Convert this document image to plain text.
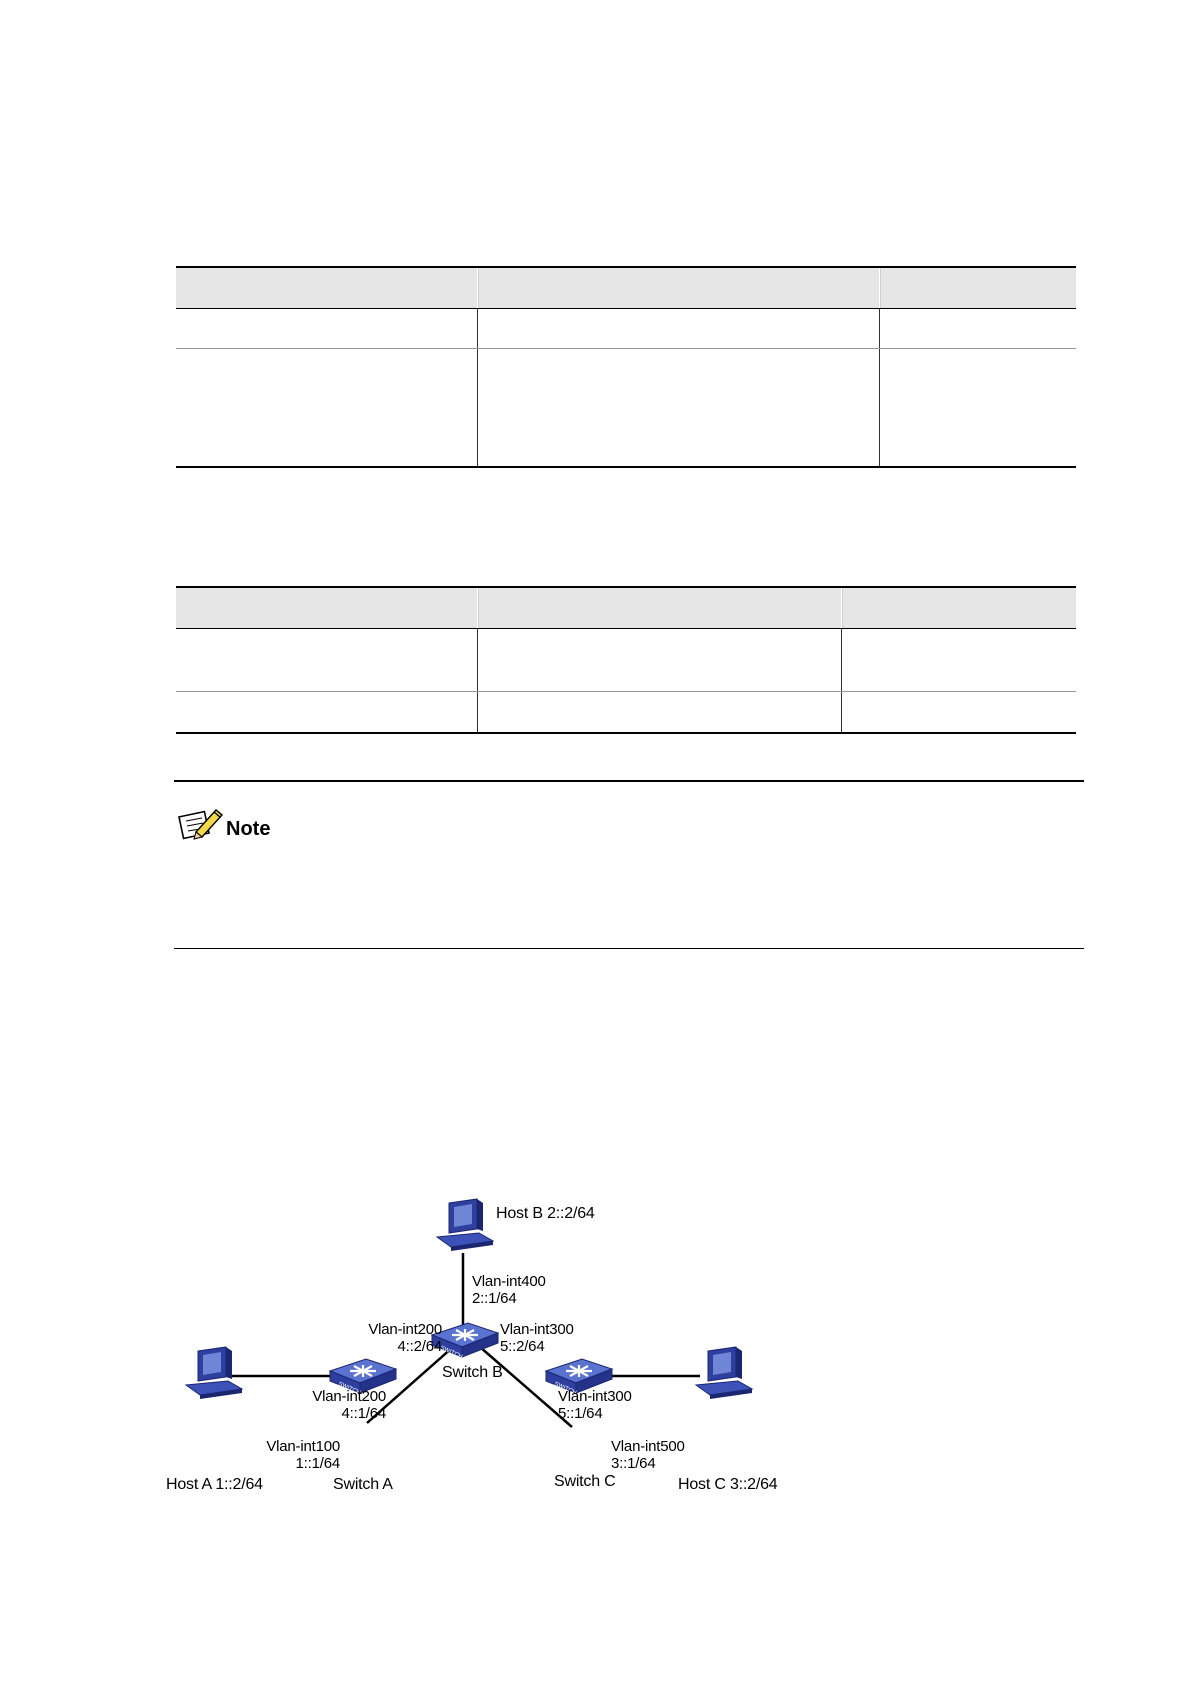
Note
SWITCH
Host B 2::2/64
Switch B
Switch A	Switch C
Host A 1::2/64	Host C 3::2/64
Vlan-int400
2::1/64
Vlan-int200
4::2/64
Vlan-int300
5::2/64
Vlan-int200
4::1/64
Vlan-int100
1::1/64
Vlan-int300
5::1/64
Vlan-int500
3::1/64
